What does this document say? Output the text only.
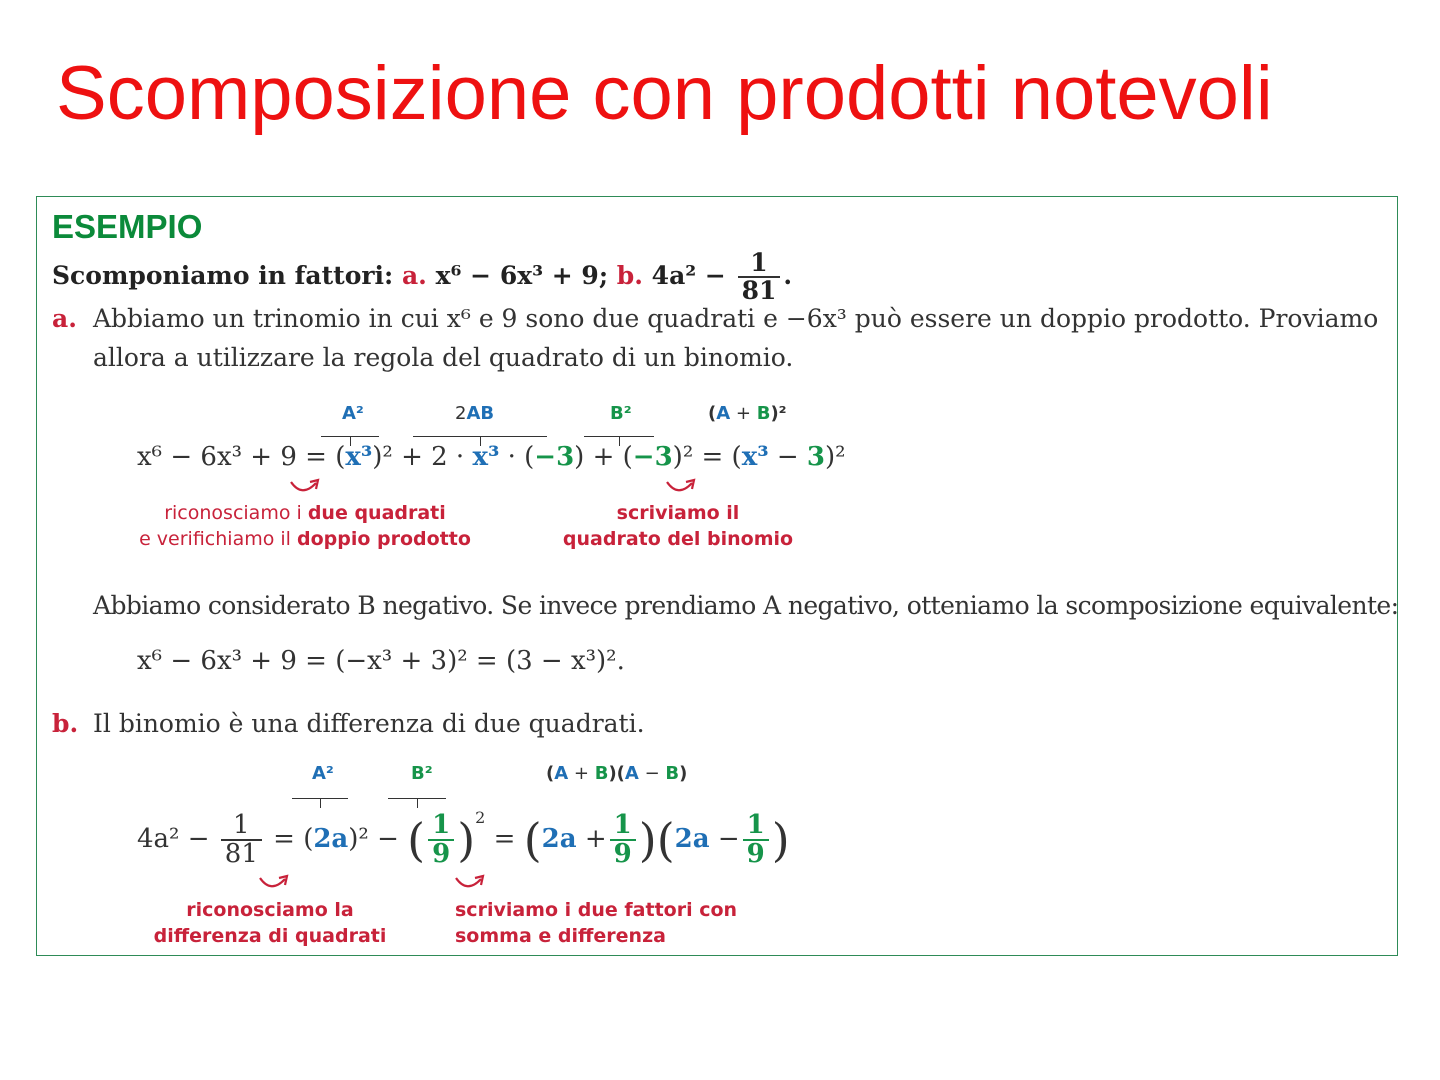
Scomposizione con prodotti notevoli
ESEMPIO
Scomponiamo in fattori: a. x⁶ − 6x³ + 9; b. $4a^2 - \frac{1}{81}$ .
a. Abbiamo un trinomio in cui x⁶ e 9 sono due quadrati e −6x³ può essere un doppio prodotto. Proviamo
allora a utilizzare la regola del quadrato di un binomio.
A²	2AB	B²	(A + B)²
x⁶ − 6x³ + 9 = (x³)² + 2 · x³ · (−3) + (−3)² = (x³ − 3)²
riconosciamo i due quadrati
e verifichiamo il doppio prodotto
scriviamo il
quadrato del binomio
Abbiamo considerato B negativo. Se invece prendiamo A negativo, otteniamo la scomposizione equivalente:
x⁶ − 6x³ + 9 = (−x³ + 3)² = (3 − x³)².
b. Il binomio è una differenza di due quadrati.
A²	B²	(A + B)(A − B)
$4a^2 - \frac{1}{81} = (2a)^2$ − ( $\frac{1}{9} )^2 = (2a + \frac{1}{9} )(2a - \frac{1}{9}$ )
riconosciamo la
differenza di quadrati
scriviamo i due fattori con
somma e differenza
